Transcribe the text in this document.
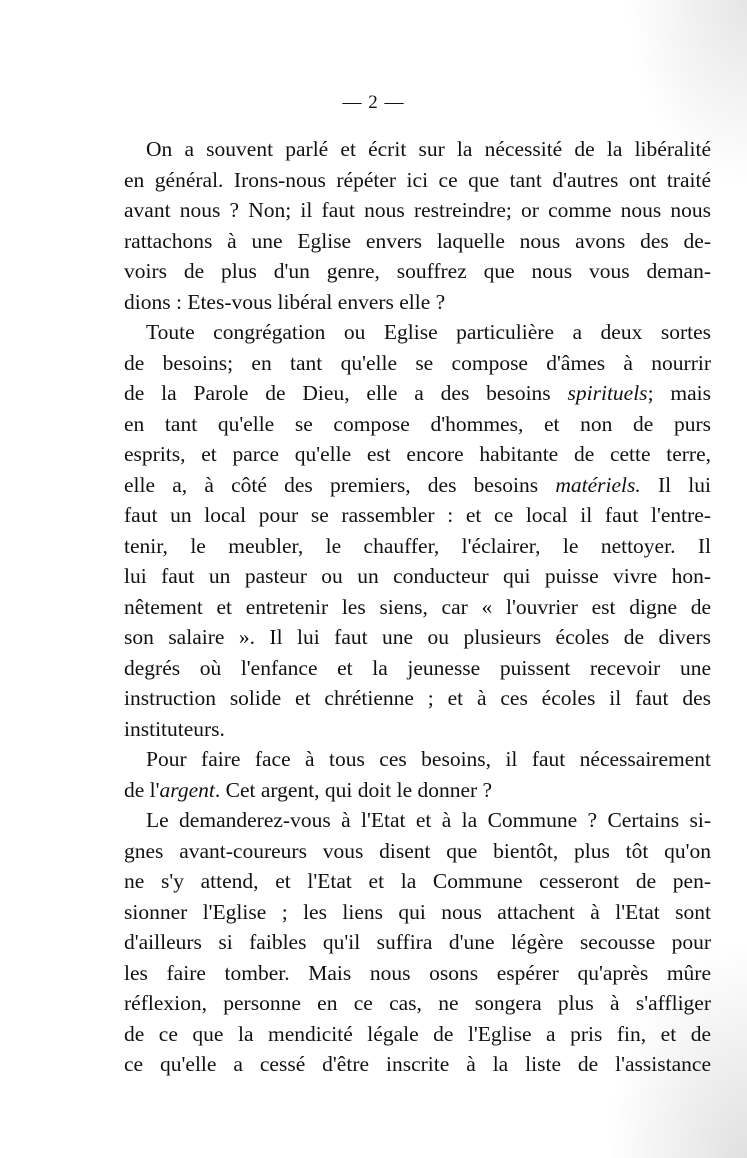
— 2 —
On a souvent parlé et écrit sur la nécessité de la libéralité
en général. Irons-nous répéter ici ce que tant d'autres ont traité
avant nous ? Non; il faut nous restreindre; or comme nous nous
rattachons à une Eglise envers laquelle nous avons des de-
voirs de plus d'un genre, souffrez que nous vous deman-
dions : Etes-vous libéral envers elle ?
Toute congrégation ou Eglise particulière a deux sortes
de besoins; en tant qu'elle se compose d'âmes à nourrir
de la Parole de Dieu, elle a des besoins spirituels; mais
en tant qu'elle se compose d'hommes, et non de purs
esprits, et parce qu'elle est encore habitante de cette terre,
elle a, à côté des premiers, des besoins matériels. Il lui
faut un local pour se rassembler : et ce local il faut l'entre-
tenir, le meubler, le chauffer, l'éclairer, le nettoyer. Il
lui faut un pasteur ou un conducteur qui puisse vivre hon-
nêtement et entretenir les siens, car « l'ouvrier est digne de
son salaire ». Il lui faut une ou plusieurs écoles de divers
degrés où l'enfance et la jeunesse puissent recevoir une
instruction solide et chrétienne ; et à ces écoles il faut des
instituteurs.
Pour faire face à tous ces besoins, il faut nécessairement
de l'argent. Cet argent, qui doit le donner ?
Le demanderez-vous à l'Etat et à la Commune ? Certains si-
gnes avant-coureurs vous disent que bientôt, plus tôt qu'on
ne s'y attend, et l'Etat et la Commune cesseront de pen-
sionner l'Eglise ; les liens qui nous attachent à l'Etat sont
d'ailleurs si faibles qu'il suffira d'une légère secousse pour
les faire tomber. Mais nous osons espérer qu'après mûre
réflexion, personne en ce cas, ne songera plus à s'affliger
de ce que la mendicité légale de l'Eglise a pris fin, et de
ce qu'elle a cessé d'être inscrite à la liste de l'assistance
